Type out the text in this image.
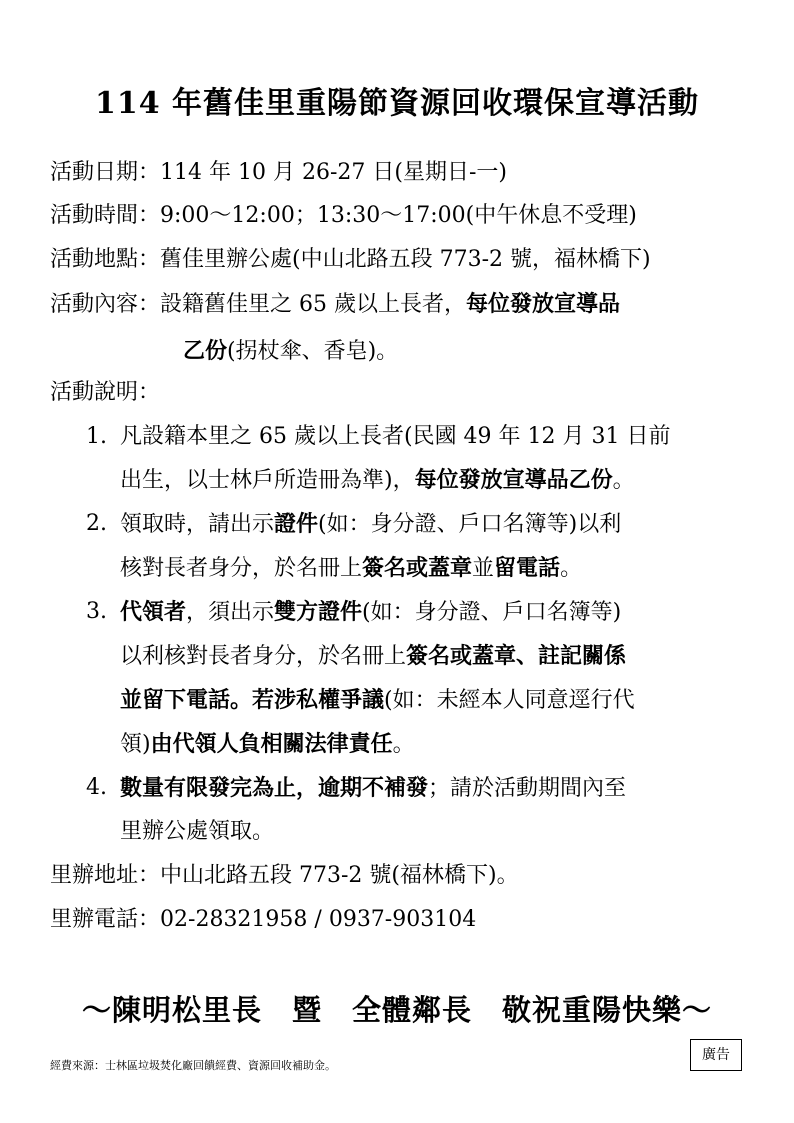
114 年舊佳里重陽節資源回收環保宣導活動
活動日期：114 年 10 月 26-27 日(星期日-一)
活動時間：9:00～12:00；13:30～17:00(中午休息不受理)
活動地點：舊佳里辦公處(中山北路五段 773-2 號，福林橋下)
活動內容：設籍舊佳里之 65 歲以上長者，每位發放宣導品
乙份(拐杖傘、香皂)。
活動說明：
1. 凡設籍本里之 65 歲以上長者(民國 49 年 12 月 31 日前
出生，以士林戶所造冊為準)，每位發放宣導品乙份。
2. 領取時，請出示證件(如：身分證、戶口名簿等)以利
核對長者身分，於名冊上簽名或蓋章並留電話。
3. 代領者，須出示雙方證件(如：身分證、戶口名簿等)
以利核對長者身分，於名冊上簽名或蓋章、註記關係
並留下電話。若涉私權爭議(如：未經本人同意逕行代
領)由代領人負相關法律責任。
4. 數量有限發完為止，逾期不補發；請於活動期間內至
里辦公處領取。
里辦地址：中山北路五段 773-2 號(福林橋下)。
里辦電話：02-28321958 / 0937-903104
～陳明松里長　暨　全體鄰長　敬祝重陽快樂～
經費來源：士林區垃圾焚化廠回饋經費、資源回收補助金。
廣告
